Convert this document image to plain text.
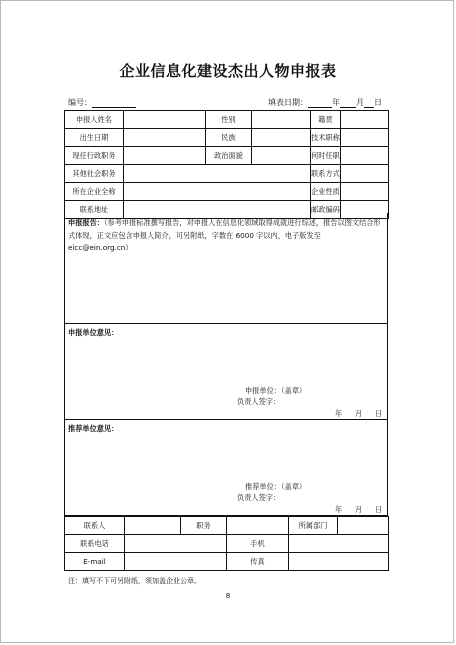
企业信息化建设杰出人物申报表
编号：	填表日期：	年 月 日
申报人姓名		性别		籍贯	
出生日期		民族		技术职称	
现任行政职务		政治面貌		何时任职	
其他社会职务				联系方式	
所在企业全称				企业性质	
联系地址				邮政编码	
申报报告：（参考申报标准撰写报告，对申报人在信息化领域取得成就进行综述，报告以图文结合形式体现，正文应包含申报人简介，可另附纸，字数在 6000 字以内，电子版发至 eicc@ein.org.cn）
申报单位意见：
申报单位：（盖章）
负责人签字：
年 月 日
推荐单位意见：
推荐单位：（盖章）
负责人签字：
年 月 日
联系人		职务		所属部门	
联系电话			手机		
E-mail			传真		
注：填写不下可另附纸，须加盖企业公章。
8
